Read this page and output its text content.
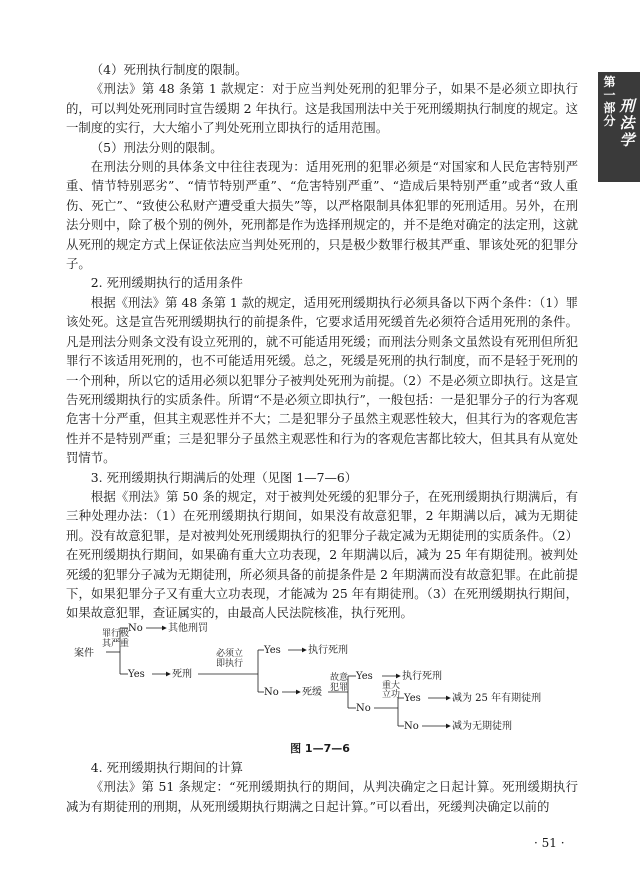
第
一
部
分
刑
法
学

（4）死刑执行制度的限制。

《刑法》第 48 条第 1 款规定：对于应当判处死刑的犯罪分子，如果不是必须立即执行的，可以判处死刑同时宣告缓期 2 年执行。这是我国刑法中关于死刑缓期执行制度的规定。这一制度的实行，大大缩小了判处死刑立即执行的适用范围。

（5）刑法分则的限制。

在刑法分则的具体条文中往往表现为：适用死刑的犯罪必须是“对国家和人民危害特别严重、情节特别恶劣”、“情节特别严重”、“危害特别严重”、“造成后果特别严重”或者“致人重伤、死亡”、“致使公私财产遭受重大损失”等，以严格限制具体犯罪的死刑适用。另外，在刑法分则中，除了极个别的例外，死刑都是作为选择刑规定的，并不是绝对确定的法定刑，这就从死刑的规定方式上保证依法应当判处死刑的，只是极少数罪行极其严重、罪该处死的犯罪分子。

2. 死刑缓期执行的适用条件

根据《刑法》第 48 条第 1 款的规定，适用死刑缓期执行必须具备以下两个条件：（1）罪该处死。这是宣告死刑缓期执行的前提条件，它要求适用死缓首先必须符合适用死刑的条件。凡是刑法分则条文没有设立死刑的，就不可能适用死缓；而刑法分则条文虽然设有死刑但所犯罪行不该适用死刑的，也不可能适用死缓。总之，死缓是死刑的执行制度，而不是轻于死刑的一个刑种，所以它的适用必须以犯罪分子被判处死刑为前提。（2）不是必须立即执行。这是宣告死刑缓期执行的实质条件。所谓“不是必须立即执行”，一般包括：一是犯罪分子的行为客观危害十分严重，但其主观恶性并不大；二是犯罪分子虽然主观恶性较大，但其行为的客观危害性并不是特别严重；三是犯罪分子虽然主观恶性和行为的客观危害都比较大，但其具有从宽处罚情节。

3. 死刑缓期执行期满后的处理（见图 1—7—6）

根据《刑法》第 50 条的规定，对于被判处死缓的犯罪分子，在死刑缓期执行期满后，有三种处理办法：（1）在死刑缓期执行期间，如果没有故意犯罪，2 年期满以后，减为无期徒刑。没有故意犯罪，是对被判处死刑缓期执行的犯罪分子裁定减为无期徒刑的实质条件。（2）在死刑缓期执行期间，如果确有重大立功表现，2 年期满以后，减为 25 年有期徒刑。被判处死缓的犯罪分子减为无期徒刑，所必须具备的前提条件是 2 年期满而没有故意犯罪。在此前提下，如果犯罪分子又有重大立功表现，才能减为 25 年有期徒刑。（3）在死刑缓期执行期间，如果故意犯罪，查证属实的，由最高人民法院核准，执行死刑。

案件
罪行极
其严重
No	其他刑罚
Yes	死刑
必须立
即执行
Yes	执行死刑
No 死缓
故意
犯罪
Yes	执行死刑
No
重大
立功 Yes	减为 25 年有期徒刑
No	减为无期徒刑
图 1—7—6

4. 死刑缓期执行期间的计算

《刑法》第 51 条规定：“死刑缓期执行的期间，从判决确定之日起计算。死刑缓期执行减为有期徒刑的刑期，从死刑缓期执行期满之日起计算。”可以看出，死缓判决确定以前的

· 51 ·
